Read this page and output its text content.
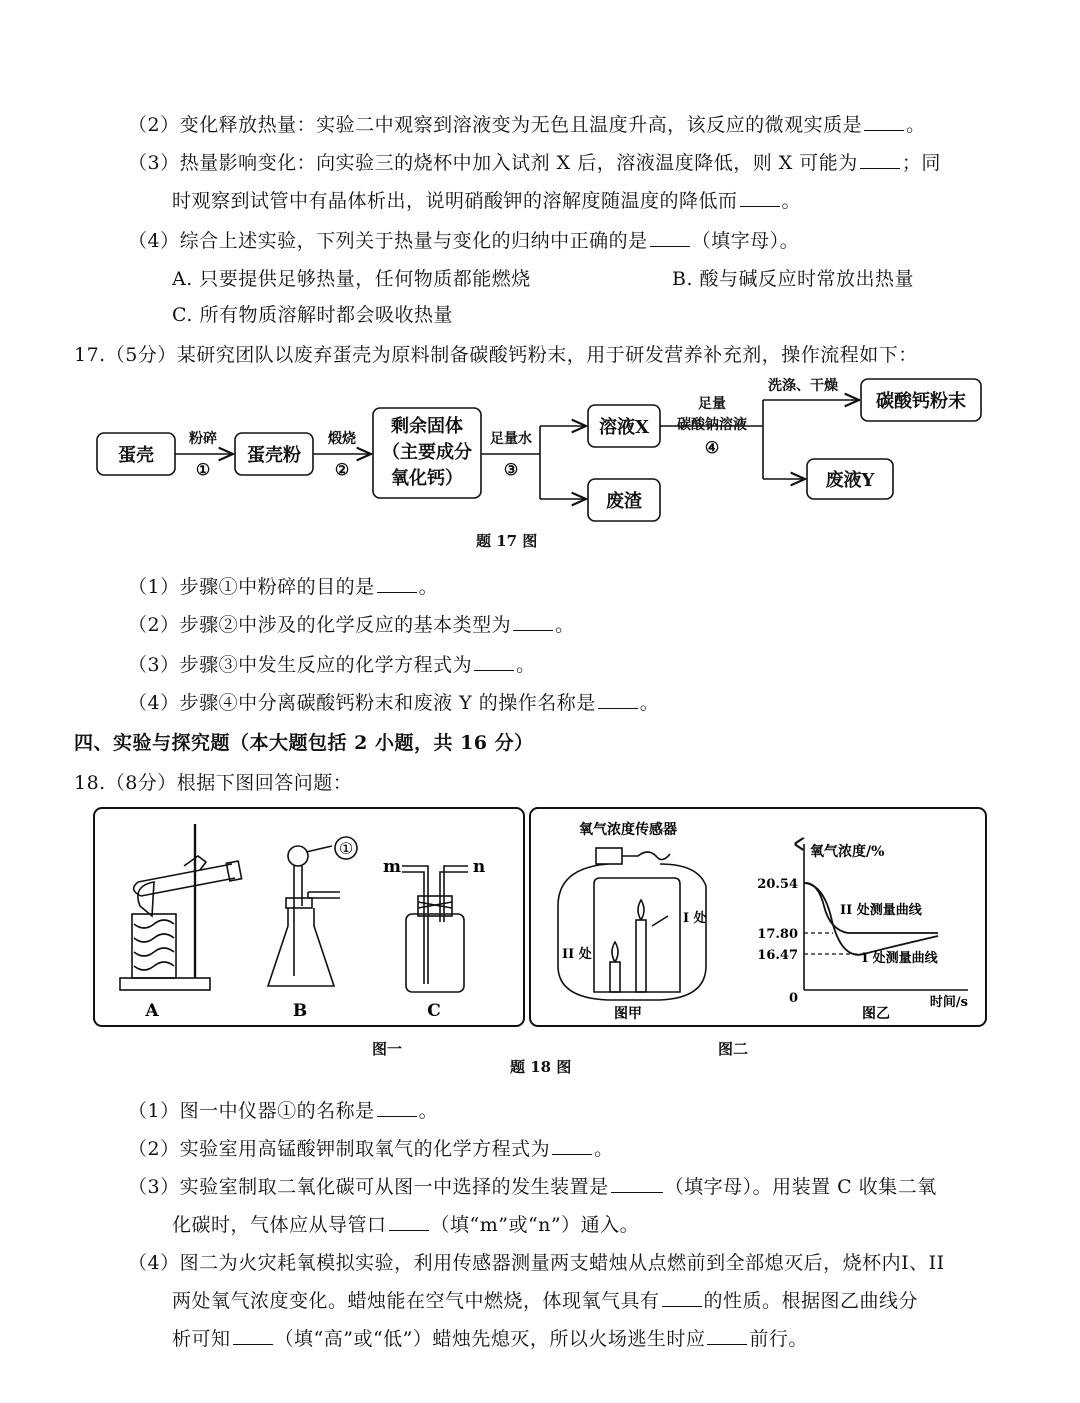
（2）变化释放热量：实验二中观察到溶液变为无色且温度升高，该反应的微观实质是 。
（3）热量影响变化：向实验三的烧杯中加入试剂 X 后，溶液温度降低，则 X 可能为 ；同
时观察到试管中有晶体析出，说明硝酸钾的溶解度随温度的降低而 。
（4）综合上述实验，下列关于热量与变化的归纳中正确的是 （填字母）。
A. 只要提供足够热量，任何物质都能燃烧	B. 酸与碱反应时常放出热量
C. 所有物质溶解时都会吸收热量
17.（5分）某研究团队以废弃蛋壳为原料制备碳酸钙粉末，用于研发营养补充剂，操作流程如下：
蛋壳	蛋壳粉
剩余固体
（主要成分
氧化钙）
溶液X
废渣
碳酸钙粉末
废液Y
粉碎
①
煅烧
②
足量水
③
足量
碳酸钠溶液
④
洗涤、干燥
题 17 图
（1）步骤①中粉碎的目的是 。
（2）步骤②中涉及的化学反应的基本类型为 。
（3）步骤③中发生反应的化学方程式为 。
（4）步骤④中分离碳酸钙粉末和废液 Y 的操作名称是 。
四、实验与探究题（本大题包括 2 小题，共 16 分）
18.（8分）根据下图回答问题：
A
①
B
m	n
C
氧气浓度传感器
I 处
II 处
图甲
氧气浓度/%
时间/s
0
20.54
17.80
16.47
II 处测量曲线
I 处测量曲线
图乙
图一	图二
题 18 图
（1）图一中仪器①的名称是 。
（2）实验室用高锰酸钾制取氧气的化学方程式为 。
（3）实验室制取二氧化碳可从图一中选择的发生装置是	（填字母）。用装置 C 收集二氧
化碳时，气体应从导管口 （填“m”或“n”）通入。
（4）图二为火灾耗氧模拟实验，利用传感器测量两支蜡烛从点燃前到全部熄灭后，烧杯内I、II
两处氧气浓度变化。蜡烛能在空气中燃烧，体现氧气具有 的性质。根据图乙曲线分
析可知 （填“高”或“低”）蜡烛先熄灭，所以火场逃生时应 前行。
